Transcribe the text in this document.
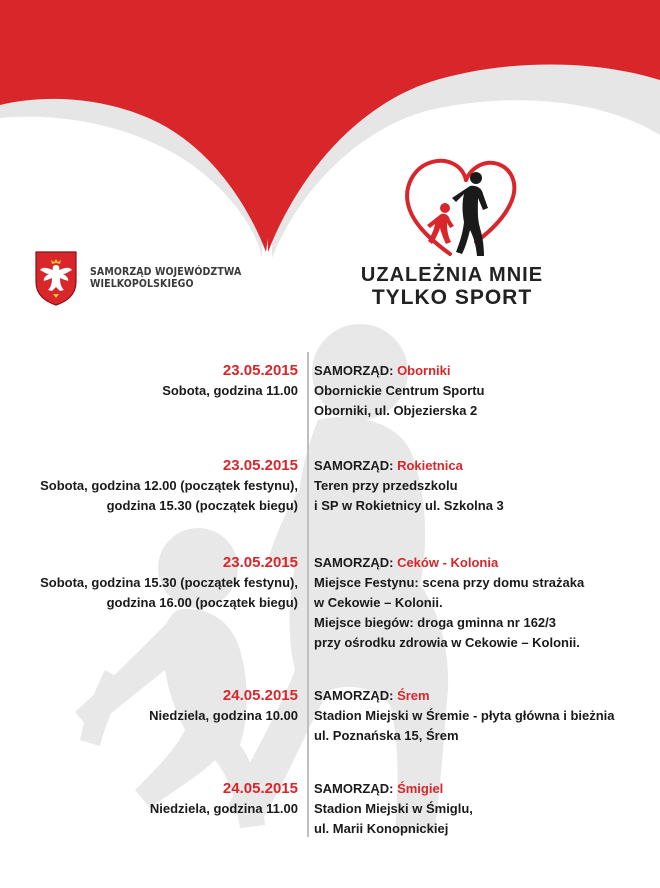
SAMORZĄD WOJEWÓDZTWA
WIELKOPOLSKIEGO	UZALEŻNIA MNIE
TYLKO SPORT
23.05.2015
Sobota, godzina 11.00
SAMORZĄD: Oborniki
Obornickie Centrum Sportu
Oborniki, ul. Objezierska 2
23.05.2015
Sobota, godzina 12.00 (początek festynu),
godzina 15.30 (początek biegu)
SAMORZĄD: Rokietnica
Teren przy przedszkolu
i SP w Rokietnicy ul. Szkolna 3
23.05.2015
Sobota, godzina 15.30 (początek festynu),
godzina 16.00 (początek biegu)
SAMORZĄD: Ceków - Kolonia
Miejsce Festynu: scena przy domu strażaka
w Cekowie – Kolonii.
Miejsce biegów: droga gminna nr 162/3
przy ośrodku zdrowia w Cekowie – Kolonii.
24.05.2015
Niedziela, godzina 10.00
SAMORZĄD: Śrem
Stadion Miejski w Śremie - płyta główna i bieżnia
ul. Poznańska 15, Śrem
24.05.2015
Niedziela, godzina 11.00
SAMORZĄD: Śmigiel
Stadion Miejski w Śmiglu,
ul. Marii Konopnickiej
